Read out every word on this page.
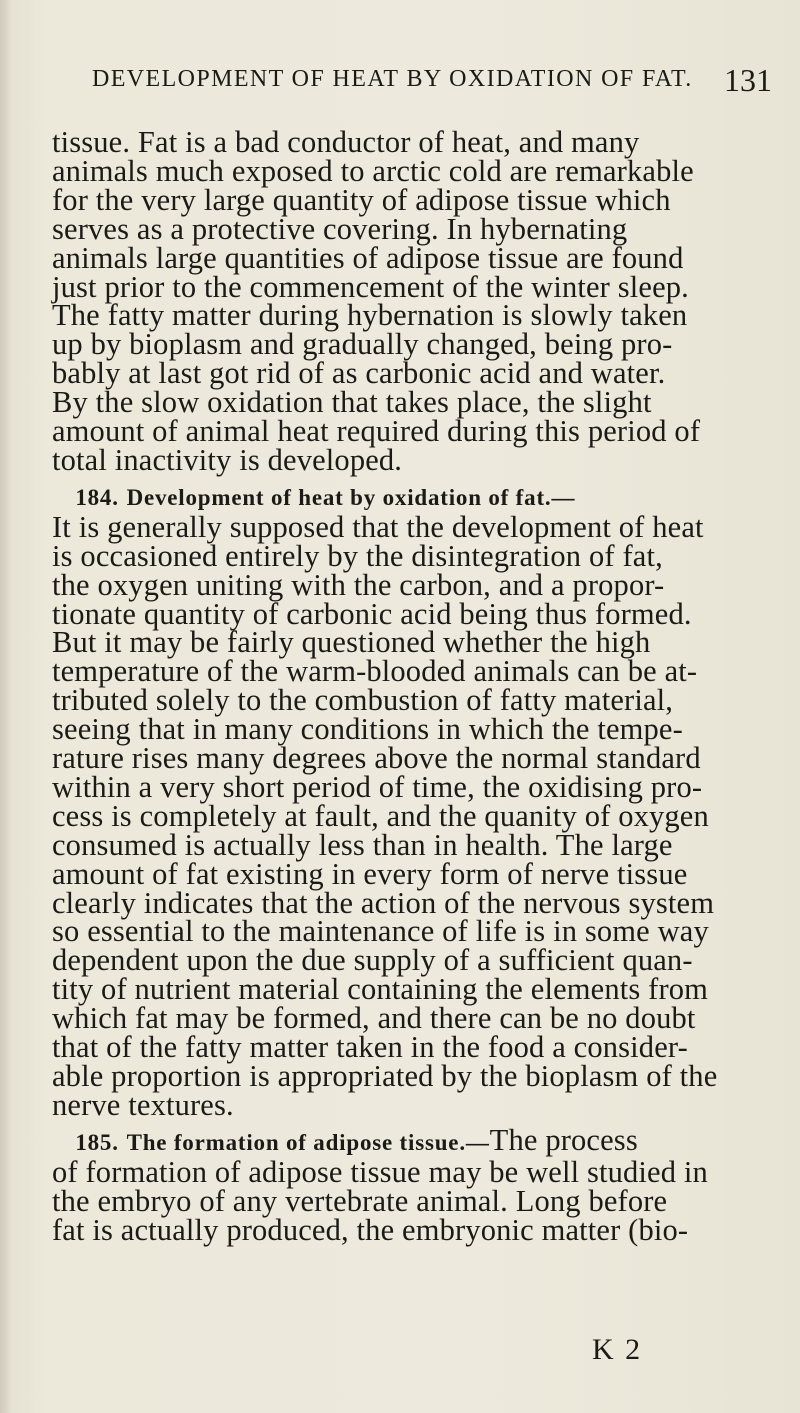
DEVELOPMENT OF HEAT BY OXIDATION OF FAT. 131
tissue. Fat is a bad conductor of heat, and many
animals much exposed to arctic cold are remarkable
for the very large quantity of adipose tissue which
serves as a protective covering. In hybernating
animals large quantities of adipose tissue are found
just prior to the commencement of the winter sleep.
The fatty matter during hybernation is slowly taken
up by bioplasm and gradually changed, being pro-
bably at last got rid of as carbonic acid and water.
By the slow oxidation that takes place, the slight
amount of animal heat required during this period of
total inactivity is developed.
184. Development of heat by oxidation of fat.—
It is generally supposed that the development of heat
is occasioned entirely by the disintegration of fat,
the oxygen uniting with the carbon, and a propor-
tionate quantity of carbonic acid being thus formed.
But it may be fairly questioned whether the high
temperature of the warm-blooded animals can be at-
tributed solely to the combustion of fatty material,
seeing that in many conditions in which the tempe-
rature rises many degrees above the normal standard
within a very short period of time, the oxidising pro-
cess is completely at fault, and the quanity of oxygen
consumed is actually less than in health. The large
amount of fat existing in every form of nerve tissue
clearly indicates that the action of the nervous system
so essential to the maintenance of life is in some way
dependent upon the due supply of a sufficient quan-
tity of nutrient material containing the elements from
which fat may be formed, and there can be no doubt
that of the fatty matter taken in the food a consider-
able proportion is appropriated by the bioplasm of the
nerve textures.
185. The formation of adipose tissue.—The process
of formation of adipose tissue may be well studied in
the embryo of any vertebrate animal. Long before
fat is actually produced, the embryonic matter (bio-
K 2
